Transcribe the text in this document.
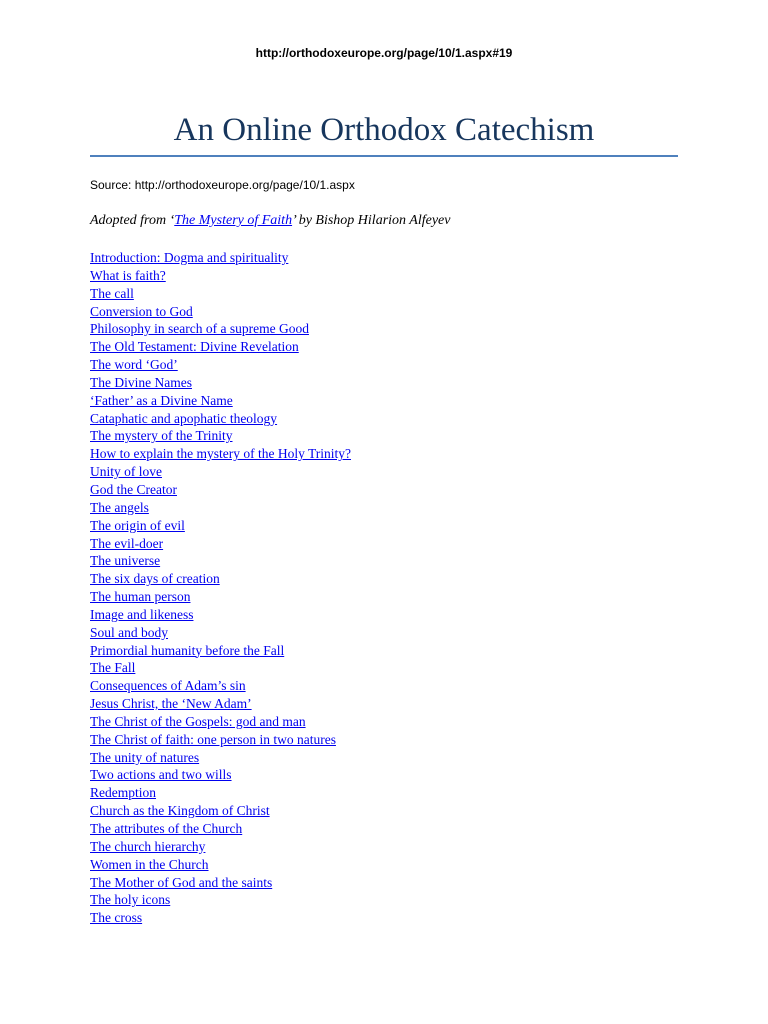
http://orthodoxeurope.org/page/10/1.aspx#19
An Online Orthodox Catechism
Source: http://orthodoxeurope.org/page/10/1.aspx
Adopted from ‘The Mystery of Faith’ by Bishop Hilarion Alfeyev
Introduction: Dogma and spirituality
What is faith?
The call
Conversion to God
Philosophy in search of a supreme Good
The Old Testament: Divine Revelation
The word ‘God’
The Divine Names
‘Father’ as a Divine Name
Cataphatic and apophatic theology
The mystery of the Trinity
How to explain the mystery of the Holy Trinity?
Unity of love
God the Creator
The angels
The origin of evil
The evil-doer
The universe
The six days of creation
The human person
Image and likeness
Soul and body
Primordial humanity before the Fall
The Fall
Consequences of Adam’s sin
Jesus Christ, the ‘New Adam’
The Christ of the Gospels: god and man
The Christ of faith: one person in two natures
The unity of natures
Two actions and two wills
Redemption
Church as the Kingdom of Christ
The attributes of the Church
The church hierarchy
Women in the Church
The Mother of God and the saints
The holy icons
The cross
